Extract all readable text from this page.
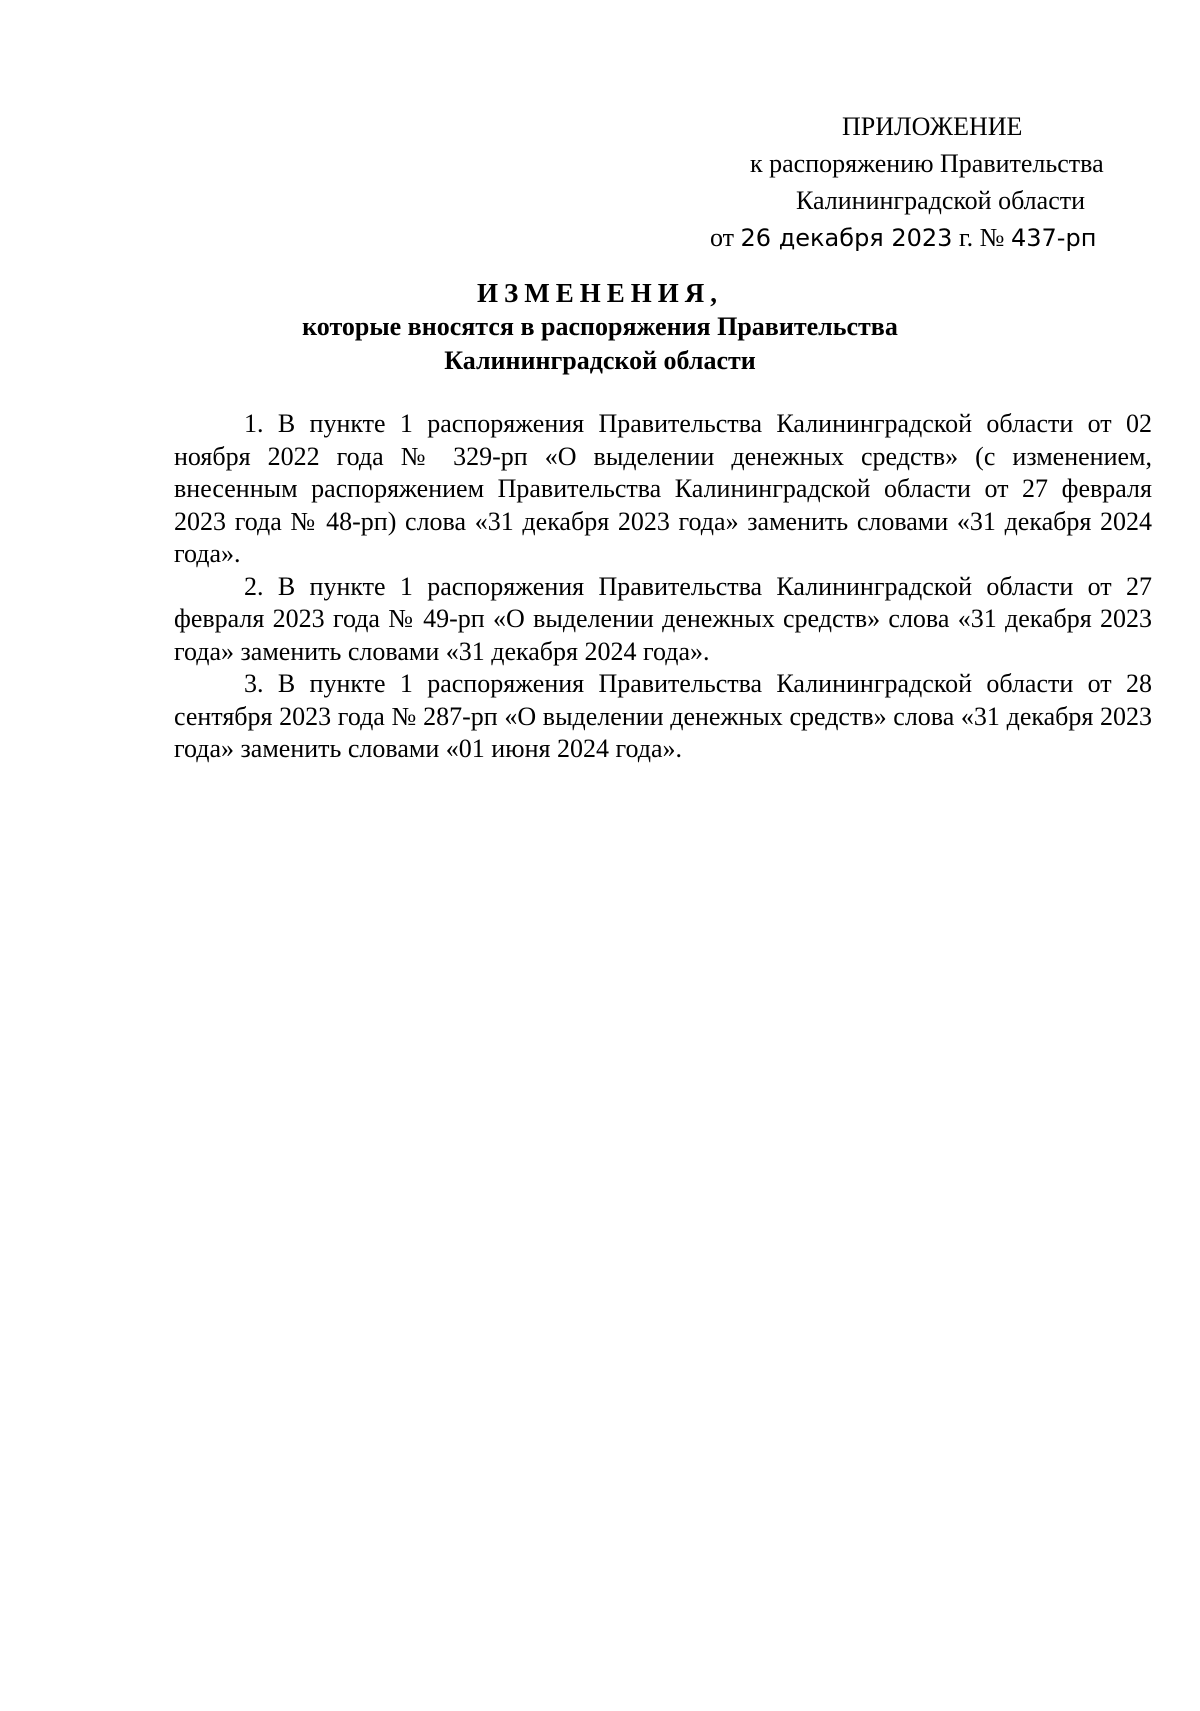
ПРИЛОЖЕНИЕ
к распоряжению Правительства
Калининградской области
от 26 декабря 2023 г. № 437-рп
ИЗМЕНЕНИЯ,
которые вносятся в распоряжения Правительства
Калининградской области

1. В пункте 1 распоряжения Правительства Калининградской области от 02 ноября 2022 года № 329-рп «О выделении денежных средств» (с изменением, внесенным распоряжением Правительства Калининградской области от 27 февраля 2023 года № 48-рп) слова «31 декабря 2023 года» заменить словами «31 декабря 2024 года».

2. В пункте 1 распоряжения Правительства Калининградской области от 27 февраля 2023 года № 49-рп «О выделении денежных средств» слова «31 декабря 2023 года» заменить словами «31 декабря 2024 года».

3. В пункте 1 распоряжения Правительства Калининградской области от 28 сентября 2023 года № 287-рп «О выделении денежных средств» слова «31 декабря 2023 года» заменить словами «01 июня 2024 года».
